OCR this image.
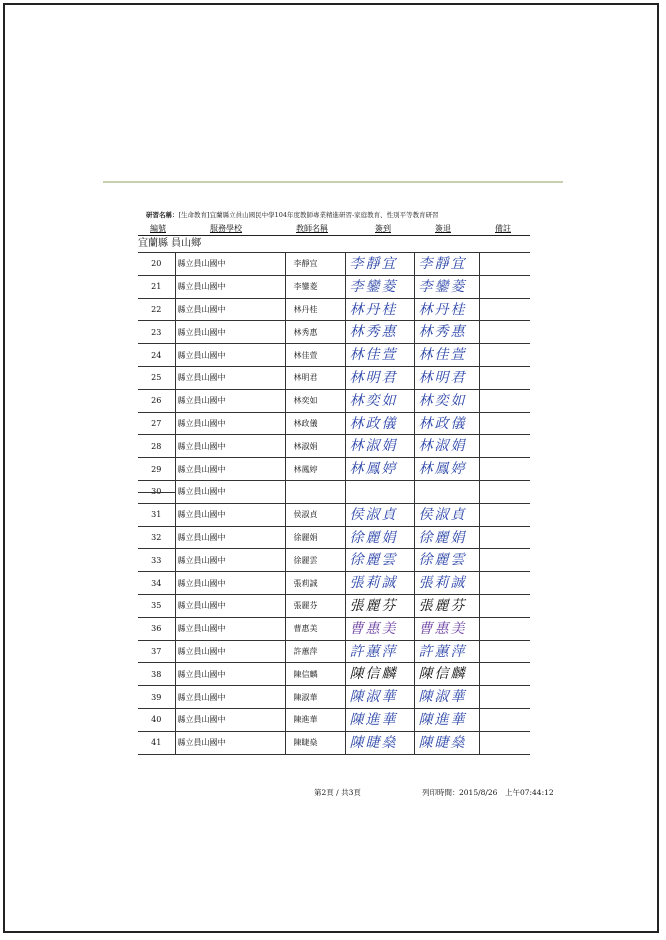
研習名稱：[生命教育]宜蘭縣立員山國民中學104年度教師專業精進研習-家庭教育、性別平等教育研習
編號	服務學校	教師名稱	簽到	簽退	備註
宜蘭縣 員山鄉
20	縣立員山國中	李靜宜	李靜宜	李靜宜	

21	縣立員山國中	李鑾菱	李鑾菱	李鑾菱	

22	縣立員山國中	林丹桂	林丹桂	林丹桂	

23	縣立員山國中	林秀惠	林秀惠	林秀惠	

24	縣立員山國中	林佳萱	林佳萱	林佳萱	

25	縣立員山國中	林明君	林明君	林明君	

26	縣立員山國中	林奕如	林奕如	林奕如	

27	縣立員山國中	林政儀	林政儀	林政儀	

28	縣立員山國中	林淑娟	林淑娟	林淑娟	

29	縣立員山國中	林鳳婷	林鳳婷	林鳳婷	

	縣立員山國中		

31	縣立員山國中	侯淑貞	侯淑貞	侯淑貞	

32	縣立員山國中	徐麗娟	徐麗娟	徐麗娟	

33	縣立員山國中	徐麗雲	徐麗雲	徐麗雲	

34	縣立員山國中	張莉誠	張莉誠	張莉誠	

35	縣立員山國中	張麗芬	張麗芬	張麗芬	

36	縣立員山國中	曹惠美	曹惠美	曹惠美	

37	縣立員山國中	許蕙萍	許蕙萍	許蕙萍	

38	縣立員山國中	陳信麟	陳信麟	陳信麟	

39	縣立員山國中	陳淑華	陳淑華	陳淑華	

40	縣立員山國中	陳進華	陳進華	陳進華	

41	縣立員山國中	陳睫燊	陳睫燊	陳睫燊	

第2頁 / 共3頁	列印時間： 2015/8/26　上午07:44:12
